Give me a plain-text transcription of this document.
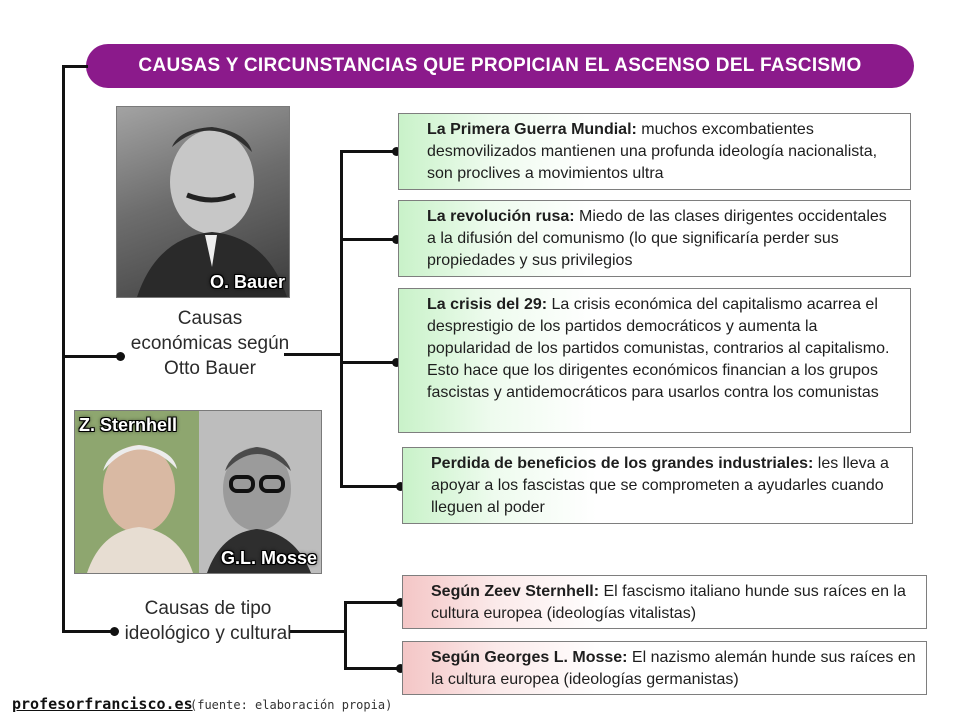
CAUSAS Y CIRCUNSTANCIAS QUE PROPICIAN EL ASCENSO DEL FASCISMO
O. Bauer
Causas económicas según Otto Bauer
Z. Sternhell
G.L. Mosse
Causas de tipo ideológico y cultural
La Primera Guerra Mundial: muchos excombatientes desmovilizados mantienen una profunda ideología nacionalista, son proclives a movimientos ultra
La revolución rusa: Miedo de las clases dirigentes occidentales a la difusión del comunismo (lo que significaría perder sus propiedades y sus privilegios
La crisis del 29: La crisis económica del capitalismo acarrea el desprestigio de los partidos democráticos y aumenta la popularidad de los partidos comunistas, contrarios al capitalismo. Esto hace que los dirigentes económicos financian a los grupos fascistas y antidemocráticos para usarlos contra los comunistas
Perdida de beneficios de los grandes industriales: les lleva a apoyar a los fascistas que se comprometen a ayudarles cuando lleguen al poder
Según Zeev Sternhell: El fascismo italiano hunde sus raíces en la cultura europea (ideologías vitalistas)
Según Georges L. Mosse: El nazismo alemán hunde sus raíces en la cultura europea (ideologías germanistas)
profesorfrancisco.es
(fuente: elaboración propia)
